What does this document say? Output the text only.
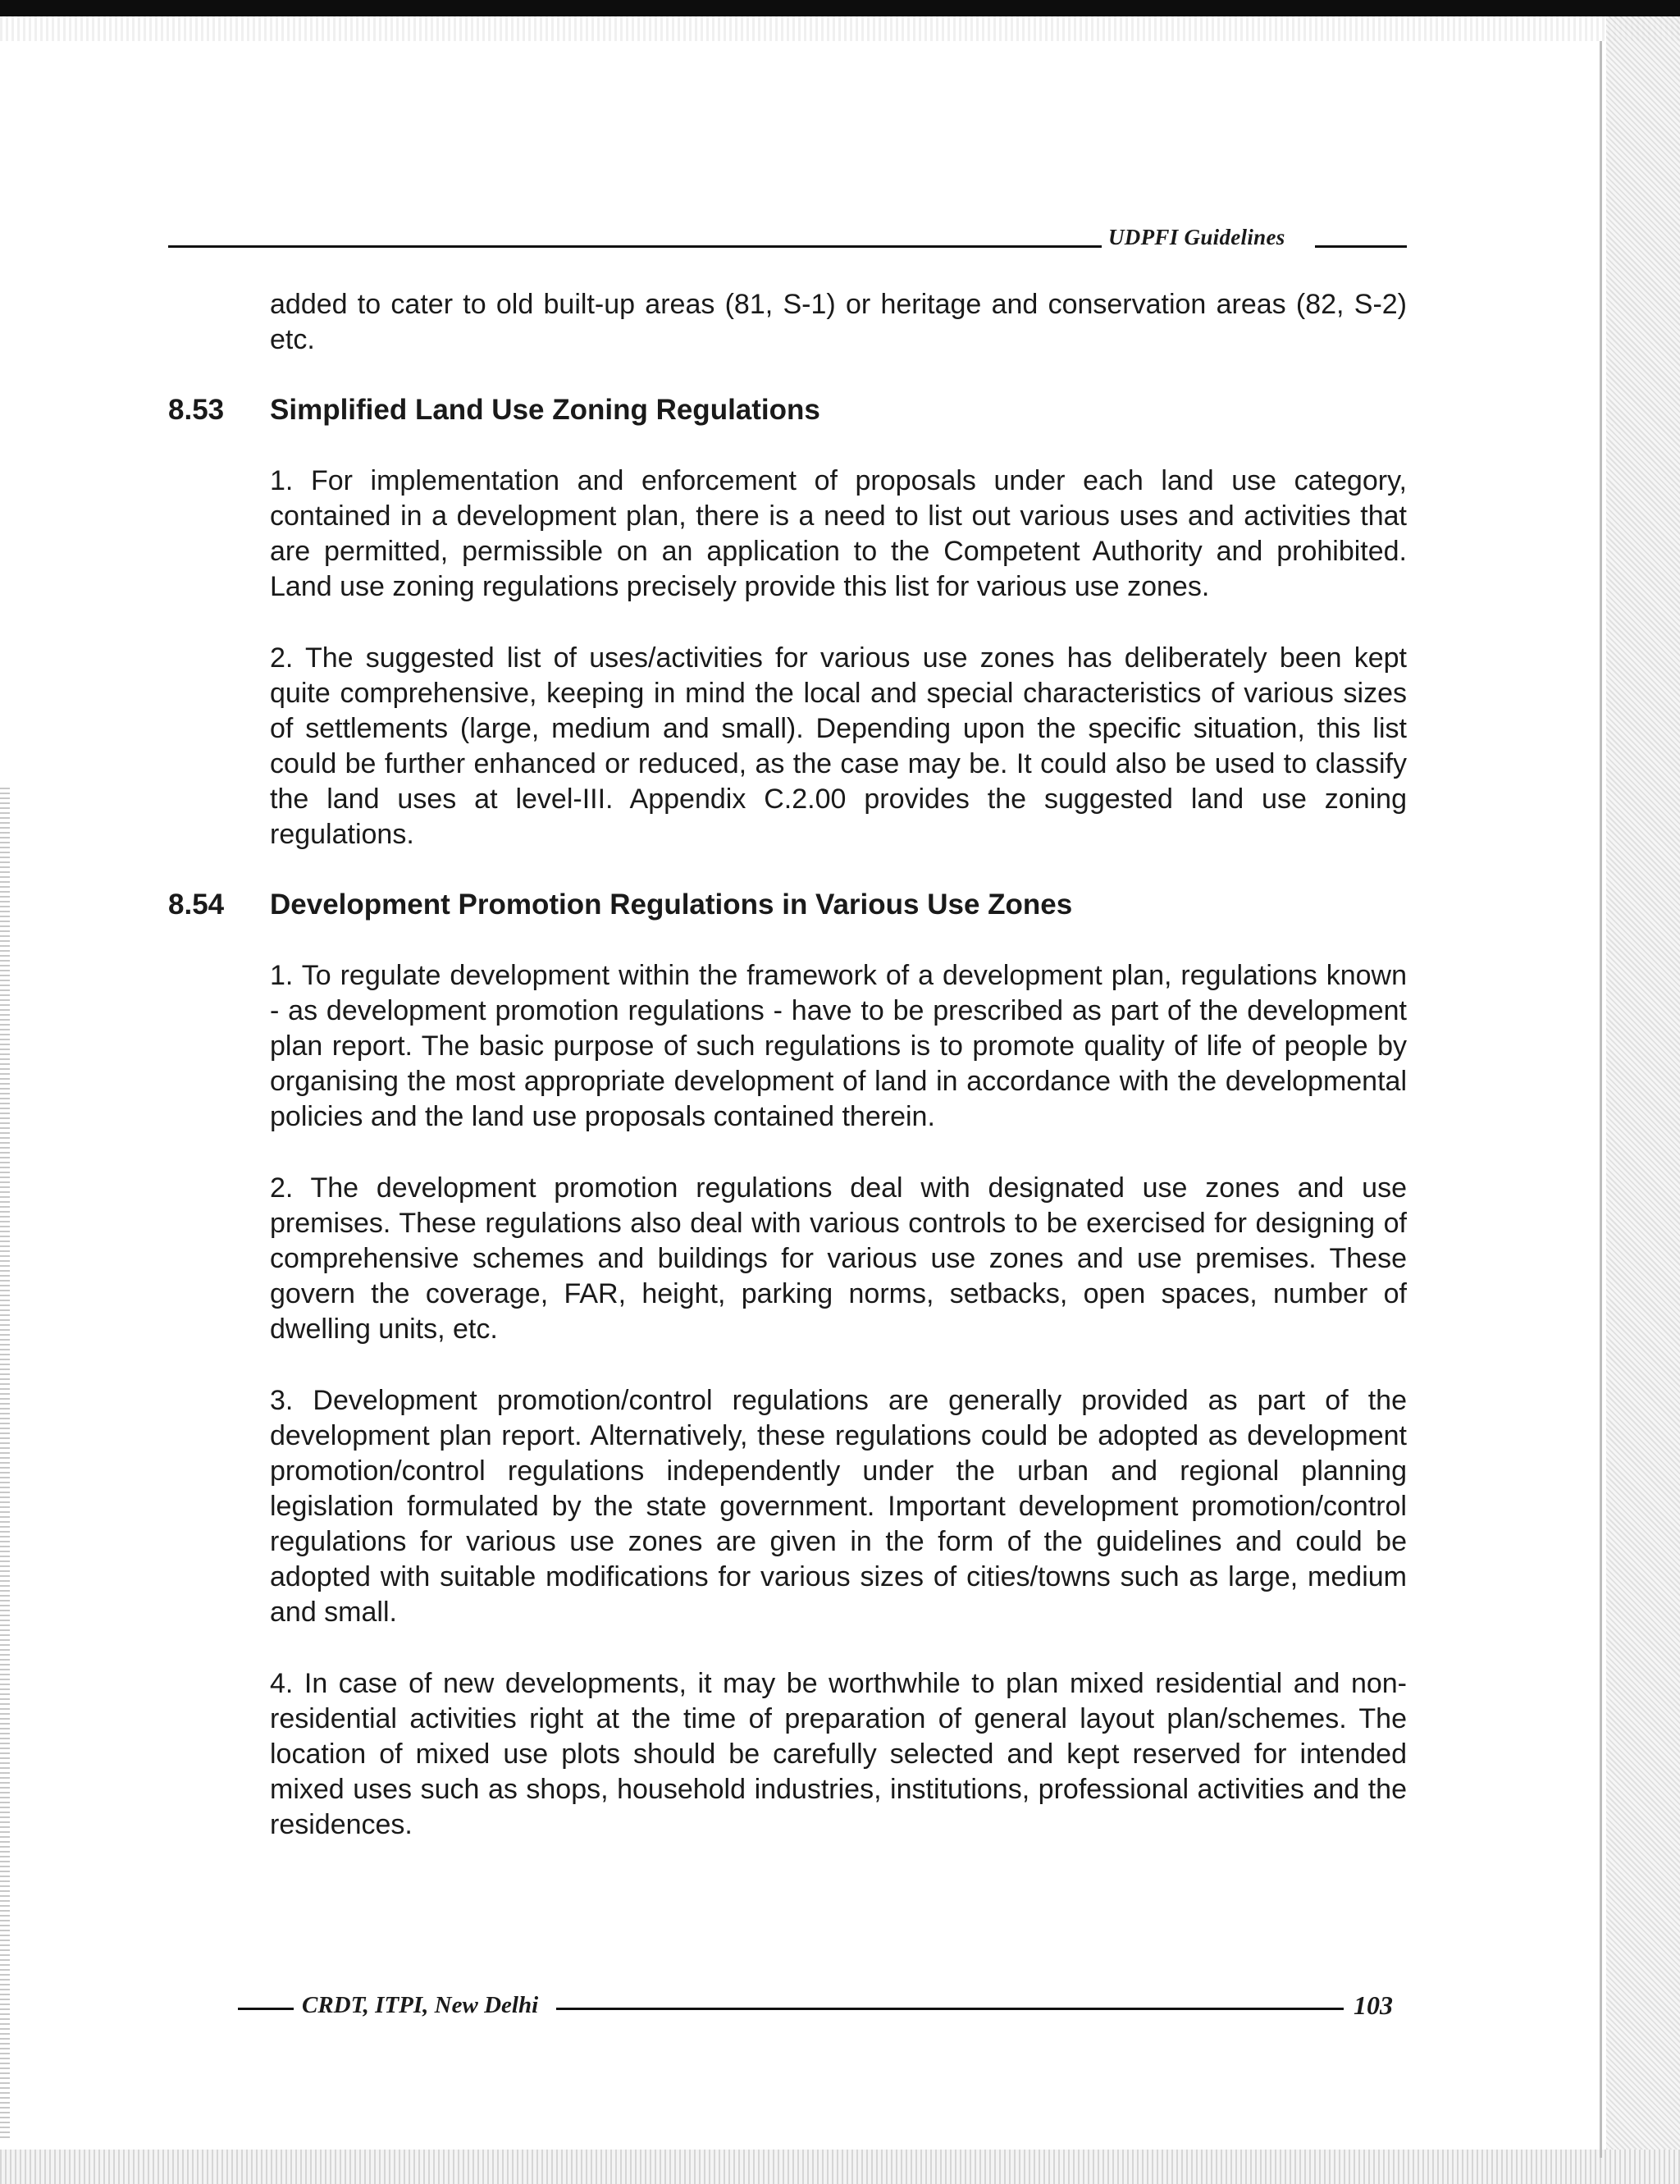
UDPFI Guidelines

added to cater to old built-up areas (81, S-1) or heritage and conservation areas (82, S-2) etc.

8.53 Simplified Land Use Zoning Regulations

1. For implementation and enforcement of proposals under each land use category, contained in a development plan, there is a need to list out various uses and activities that are permitted, permissible on an application to the Competent Authority and prohibited. Land use zoning regulations precisely provide this list for various use zones.

2. The suggested list of uses/activities for various use zones has deliberately been kept quite comprehensive, keeping in mind the local and special characteristics of various sizes of settlements (large, medium and small). Depending upon the specific situation, this list could be further enhanced or reduced, as the case may be. It could also be used to classify the land uses at level-III. Appendix C.2.00 provides the suggested land use zoning regulations.

8.54 Development Promotion Regulations in Various Use Zones

1. To regulate development within the framework of a development plan, regulations known - as development promotion regulations - have to be prescribed as part of the development plan report. The basic purpose of such regulations is to promote quality of life of people by organising the most appropriate development of land in accordance with the developmental policies and the land use proposals contained therein.

2. The development promotion regulations deal with designated use zones and use premises. These regulations also deal with various controls to be exercised for designing of comprehensive schemes and buildings for various use zones and use premises. These govern the coverage, FAR, height, parking norms, setbacks, open spaces, number of dwelling units, etc.

3. Development promotion/control regulations are generally provided as part of the development plan report. Alternatively, these regulations could be adopted as development promotion/control regulations independently under the urban and regional planning legislation formulated by the state government. Important development promotion/control regulations for various use zones are given in the form of the guidelines and could be adopted with suitable modifications for various sizes of cities/towns such as large, medium and small.

4. In case of new developments, it may be worthwhile to plan mixed residential and non-residential activities right at the time of preparation of general layout plan/schemes. The location of mixed use plots should be carefully selected and kept reserved for intended mixed uses such as shops, household industries, institutions, professional activities and the residences.

CRDT, ITPI, New Delhi	103
